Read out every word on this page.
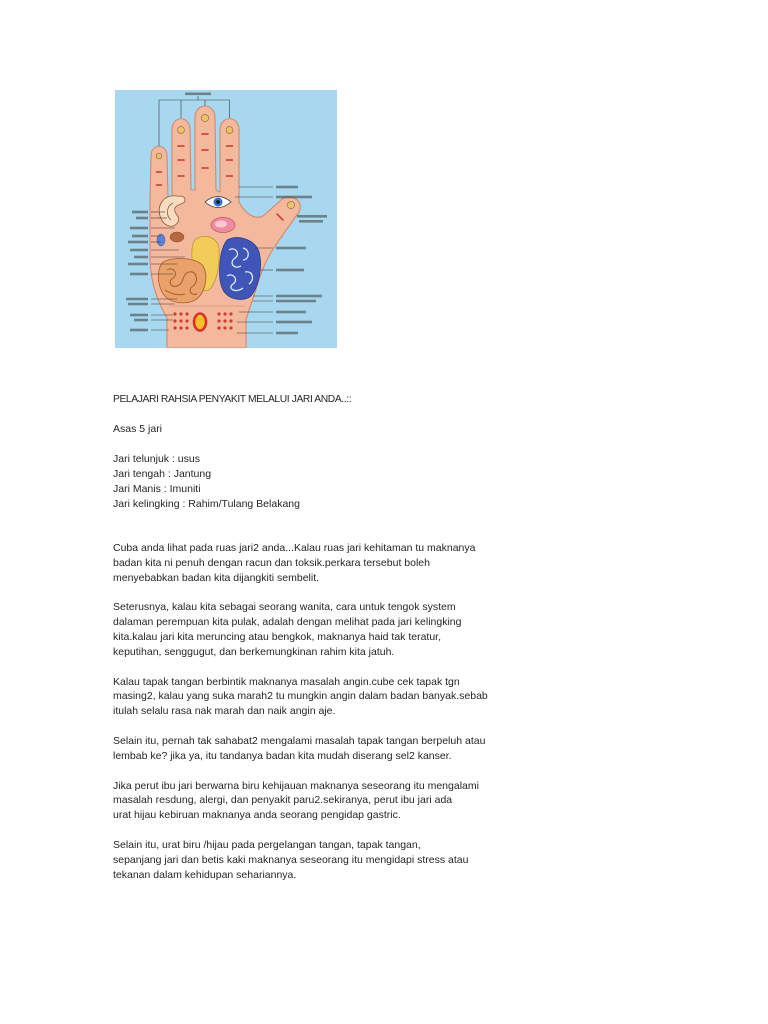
PELAJARI RAHSIA PENYAKIT MELALUI JARI ANDA..::
Asas 5 jari
Jari telunjuk : usus
Jari tengah : Jantung
Jari Manis : Imuniti
Jari kelingking : Rahim/Tulang Belakang
Cuba anda lihat pada ruas jari2 anda...Kalau ruas jari kehitaman tu maknanya
badan kita ni penuh dengan racun dan toksik.perkara tersebut boleh
menyebabkan badan kita dijangkiti sembelit.
Seterusnya, kalau kita sebagai seorang wanita, cara untuk tengok system
dalaman perempuan kita pulak, adalah dengan melihat pada jari kelingking
kita.kalau jari kita meruncing atau bengkok, maknanya haid tak teratur,
keputihan, senggugut, dan berkemungkinan rahim kita jatuh.
Kalau tapak tangan berbintik maknanya masalah angin.cube cek tapak tgn
masing2, kalau yang suka marah2 tu mungkin angin dalam badan banyak.sebab
itulah selalu rasa nak marah dan naik angin aje.
Selain itu, pernah tak sahabat2 mengalami masalah tapak tangan berpeluh atau
lembab ke? jika ya, itu tandanya badan kita mudah diserang sel2 kanser.
Jika perut ibu jari berwarna biru kehijauan maknanya seseorang itu mengalami
masalah resdung, alergi, dan penyakit paru2.sekiranya, perut ibu jari ada
urat hijau kebiruan maknanya anda seorang pengidap gastric.
Selain itu, urat biru /hijau pada pergelangan tangan, tapak tangan,
sepanjang jari dan betis kaki maknanya seseorang itu mengidapi stress atau
tekanan dalam kehidupan sehariannya.
